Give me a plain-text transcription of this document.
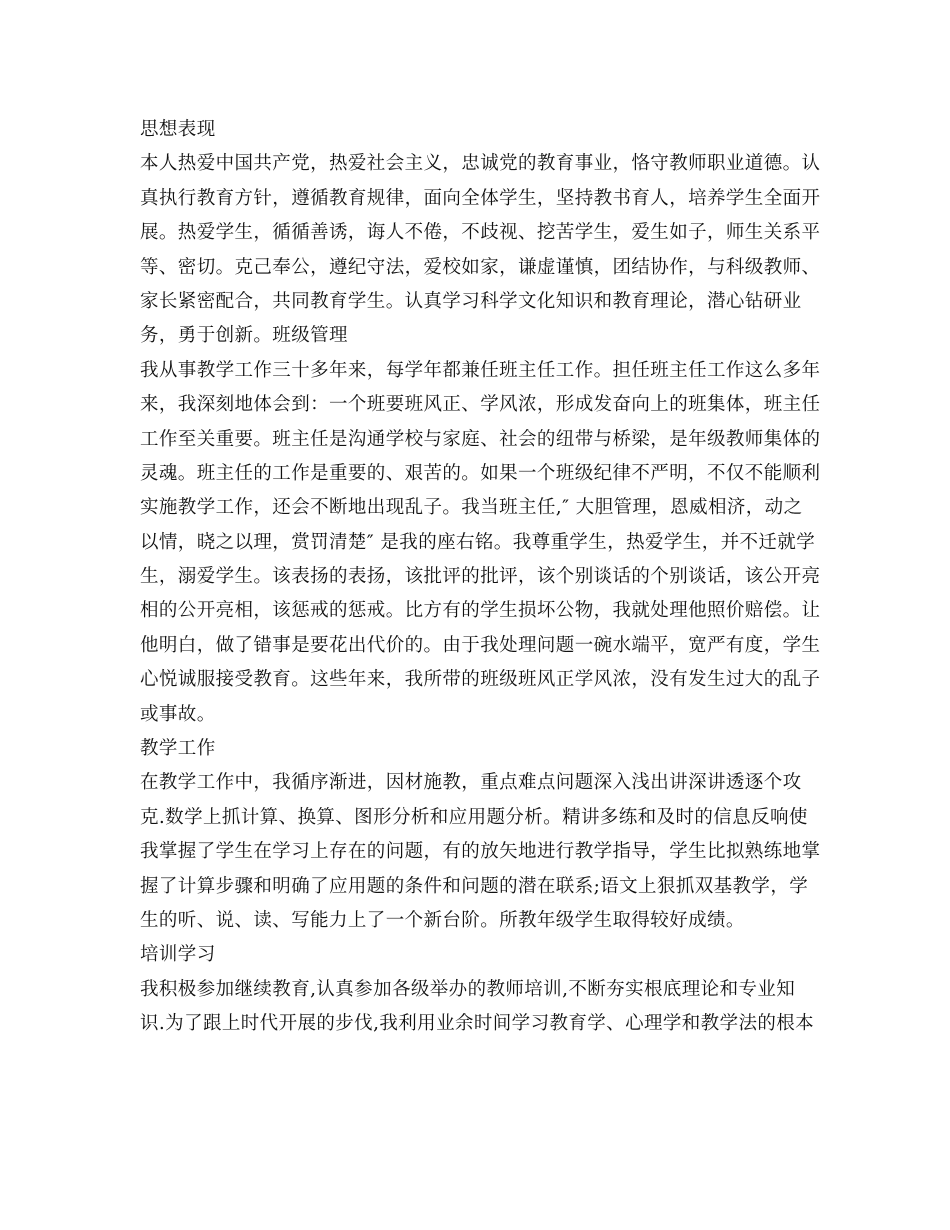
思想表现
本人热爱中国共产党，热爱社会主义，忠诚党的教育事业，恪守教师职业道德。认
真执行教育方针，遵循教育规律，面向全体学生，坚持教书育人，培养学生全面开
展。热爱学生，循循善诱，诲人不倦，不歧视、挖苦学生，爱生如子，师生关系平
等、密切。克己奉公，遵纪守法，爱校如家，谦虚谨慎，团结协作，与科级教师、
家长紧密配合，共同教育学生。认真学习科学文化知识和教育理论，潜心钻研业
务，勇于创新。班级管理
我从事教学工作三十多年来，每学年都兼任班主任工作。担任班主任工作这么多年
来，我深刻地体会到：一个班要班风正、学风浓，形成发奋向上的班集体，班主任
工作至关重要。班主任是沟通学校与家庭、社会的纽带与桥梁，是年级教师集体的
灵魂。班主任的工作是重要的、艰苦的。如果一个班级纪律不严明，不仅不能顺利
实施教学工作，还会不断地出现乱子。我当班主任,″ 大胆管理，恩威相济，动之
以情，晓之以理，赏罚清楚″ 是我的座右铭。我尊重学生，热爱学生，并不迁就学
生，溺爱学生。该表扬的表扬，该批评的批评，该个别谈话的个别谈话，该公开亮
相的公开亮相，该惩戒的惩戒。比方有的学生损坏公物，我就处理他照价赔偿。让
他明白，做了错事是要花出代价的。由于我处理问题一碗水端平，宽严有度，学生
心悦诚服接受教育。这些年来，我所带的班级班风正学风浓，没有发生过大的乱子
或事故。
教学工作
在教学工作中，我循序渐进，因材施教，重点难点问题深入浅出讲深讲透逐个攻
克.数学上抓计算、换算、图形分析和应用题分析。精讲多练和及时的信息反响使
我掌握了学生在学习上存在的问题，有的放矢地进行教学指导，学生比拟熟练地掌
握了计算步骤和明确了应用题的条件和问题的潜在联系;语文上狠抓双基教学，学
生的听、说、读、写能力上了一个新台阶。所教年级学生取得较好成绩。
培训学习
我积极参加继续教育,认真参加各级举办的教师培训,不断夯实根底理论和专业知
识.为了跟上时代开展的步伐,我利用业余时间学习教育学、心理学和教学法的根本
